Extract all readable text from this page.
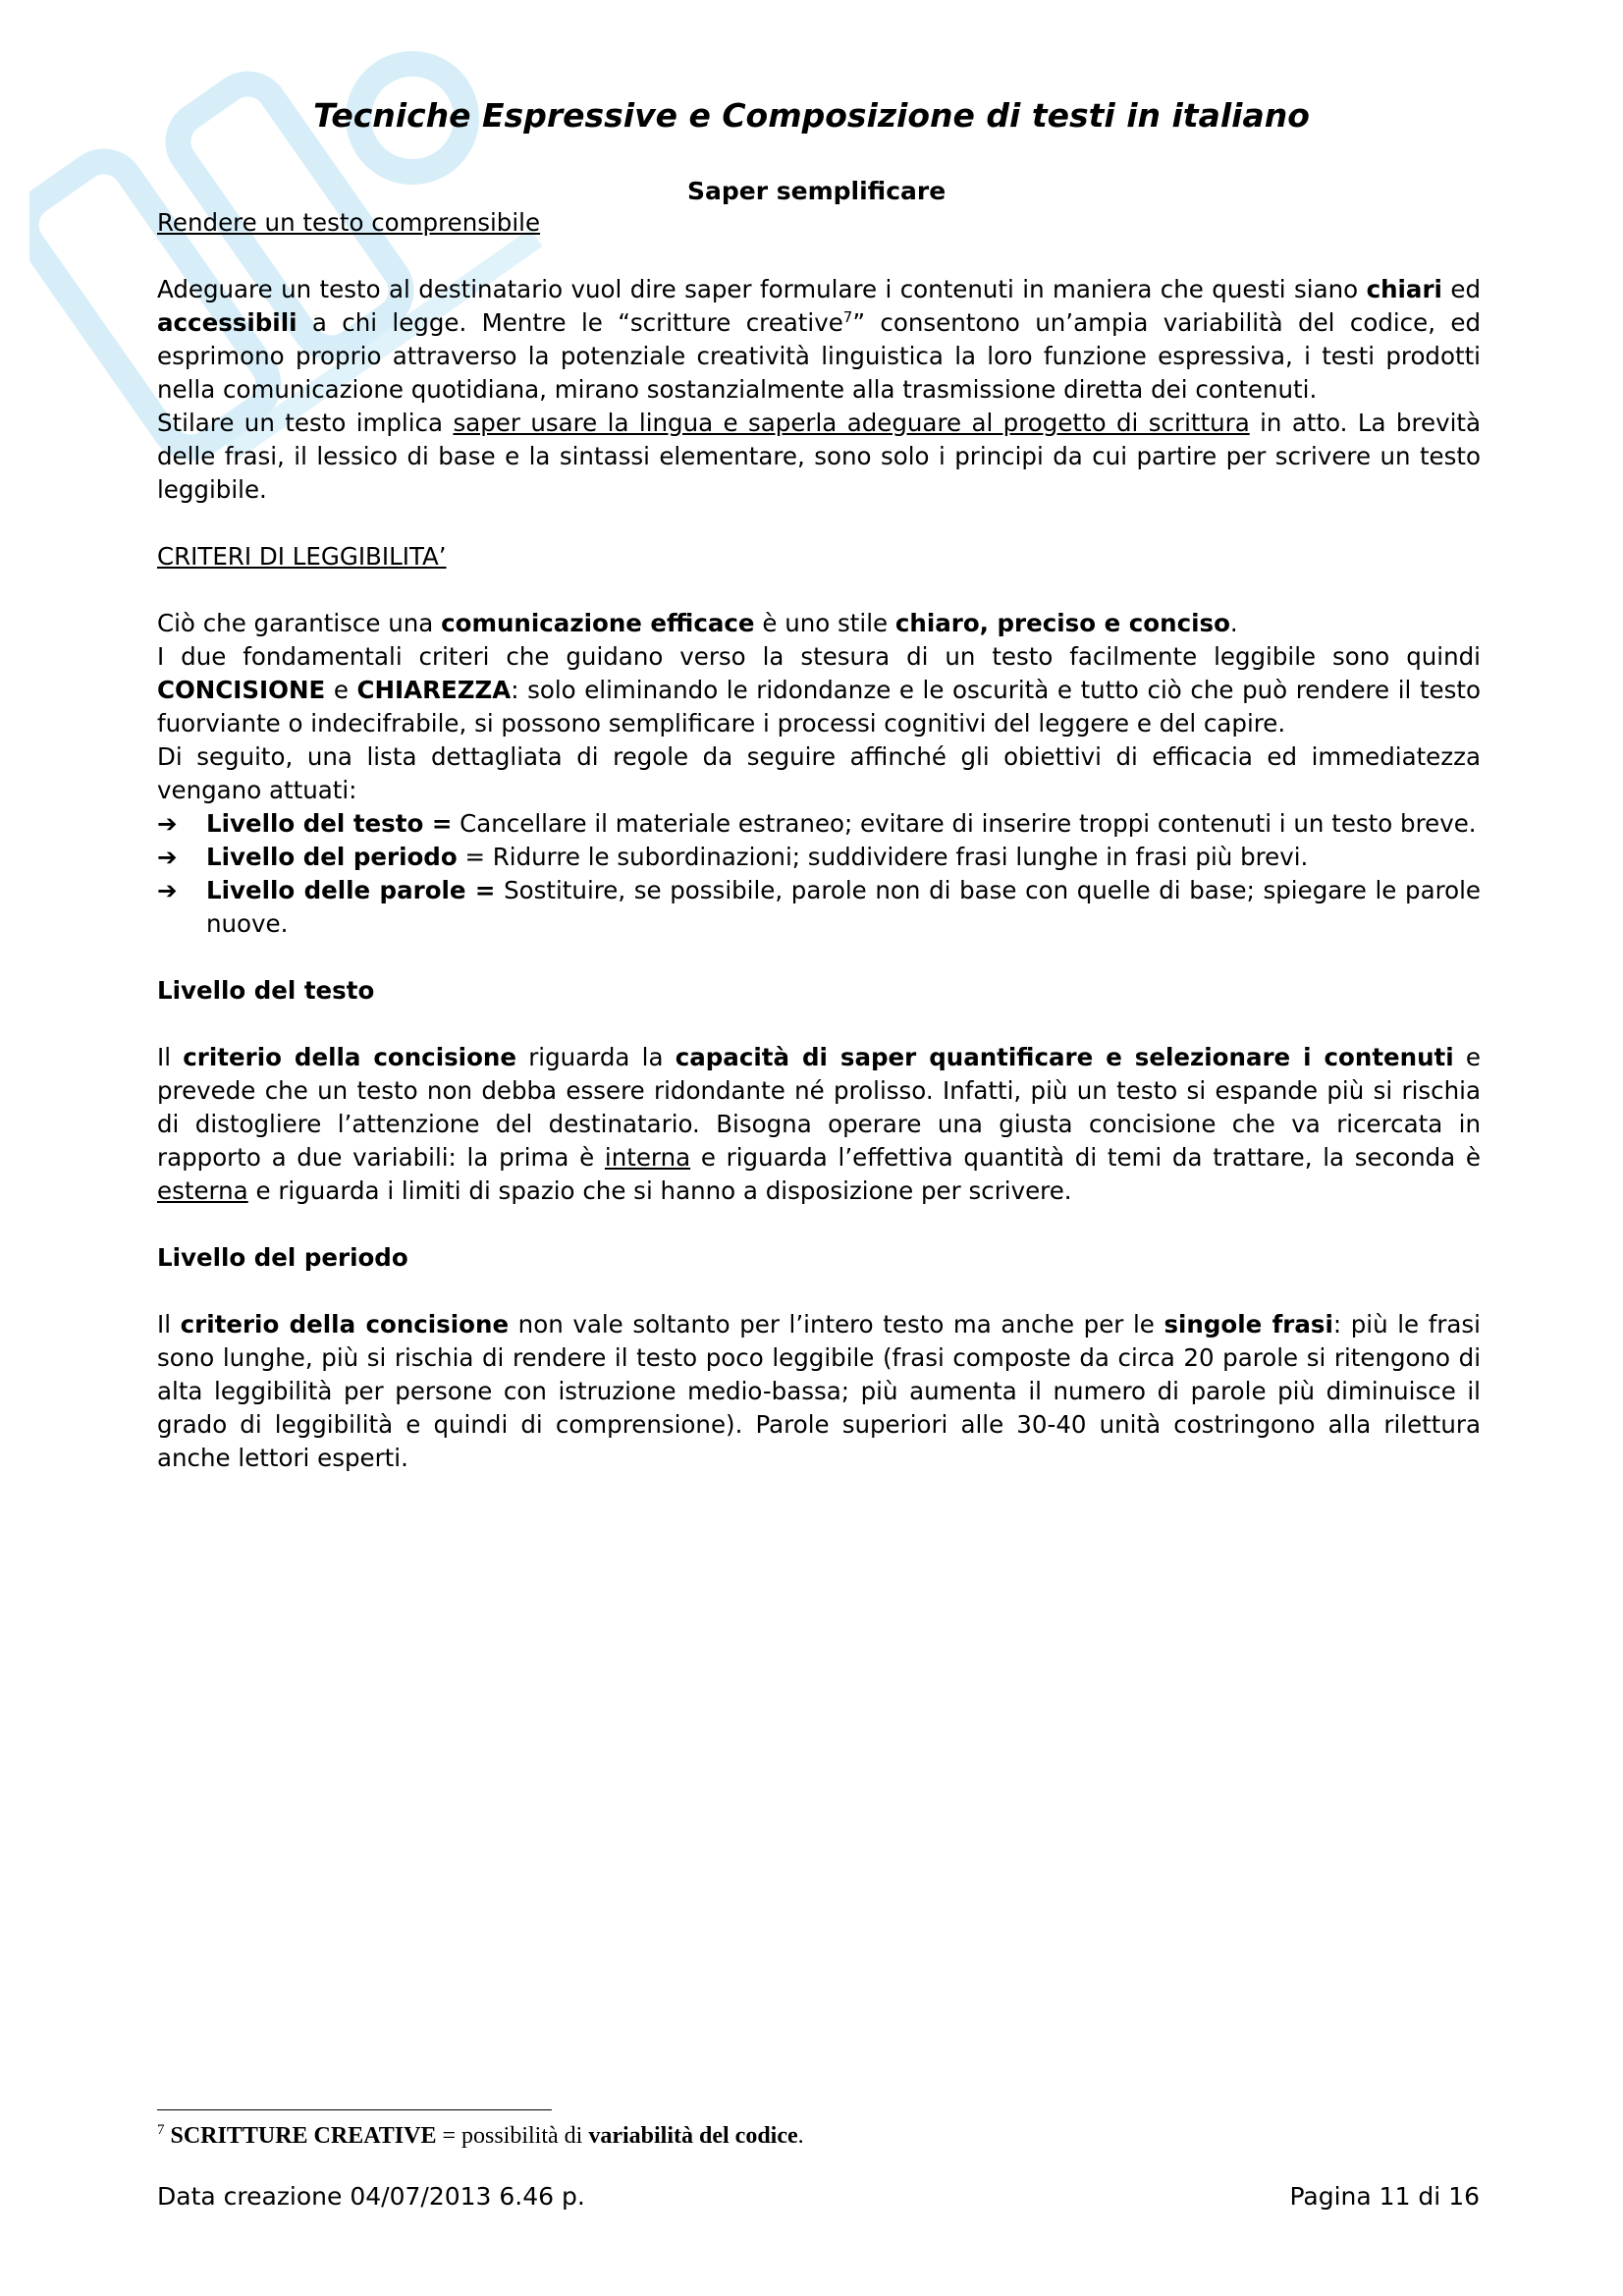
Tecniche Espressive e Composizione di testi in italiano
Saper semplificare

Rendere un testo comprensibile

Adeguare un testo al destinatario vuol dire saper formulare i contenuti in maniera che questi siano chiari ed accessibili a chi legge. Mentre le “scritture creative$^7$” consentono un’ampia variabilità del codice, ed esprimono proprio attraverso la potenziale creatività linguistica la loro funzione espressiva, i testi prodotti nella comunicazione quotidiana, mirano sostanzialmente alla trasmissione diretta dei contenuti.

Stilare un testo implica saper usare la lingua e saperla adeguare al progetto di scrittura in atto. La brevità delle frasi, il lessico di base e la sintassi elementare, sono solo i principi da cui partire per scrivere un testo leggibile.

CRITERI DI LEGGIBILITA’

Ciò che garantisce una comunicazione efficace è uno stile chiaro, preciso e conciso.

I due fondamentali criteri che guidano verso la stesura di un testo facilmente leggibile sono quindi CONCISIONE e CHIAREZZA: solo eliminando le ridondanze e le oscurità e tutto ciò che può rendere il testo fuorviante o indecifrabile, si possono semplificare i processi cognitivi del leggere e del capire.

Di seguito, una lista dettagliata di regole da seguire affinché gli obiettivi di efficacia ed immediatezza vengano attuati:

➔ Livello del testo = Cancellare il materiale estraneo; evitare di inserire troppi contenuti i un testo breve.
➔ Livello del periodo = Ridurre le subordinazioni; suddividere frasi lunghe in frasi più brevi.
➔ Livello delle parole = Sostituire, se possibile, parole non di base con quelle di base; spiegare le parole nuove.

Livello del testo

Il criterio della concisione riguarda la capacità di saper quantificare e selezionare i contenuti e prevede che un testo non debba essere ridondante né prolisso. Infatti, più un testo si espande più si rischia di distogliere l’attenzione del destinatario. Bisogna operare una giusta concisione che va ricercata in rapporto a due variabili: la prima è interna e riguarda l’effettiva quantità di temi da trattare, la seconda è esterna e riguarda i limiti di spazio che si hanno a disposizione per scrivere.

Livello del periodo

Il criterio della concisione non vale soltanto per l’intero testo ma anche per le singole frasi: più le frasi sono lunghe, più si rischia di rendere il testo poco leggibile (frasi composte da circa 20 parole si ritengono di alta leggibilità per persone con istruzione medio-bassa; più aumenta il numero di parole più diminuisce il grado di leggibilità e quindi di comprensione). Parole superiori alle 30-40 unità costringono alla rilettura anche lettori esperti.

$^7$ SCRITTURE CREATIVE = possibilità di variabilità del codice.
Data creazione 04/07/2013 6.46 p.	Pagina 11 di 16
